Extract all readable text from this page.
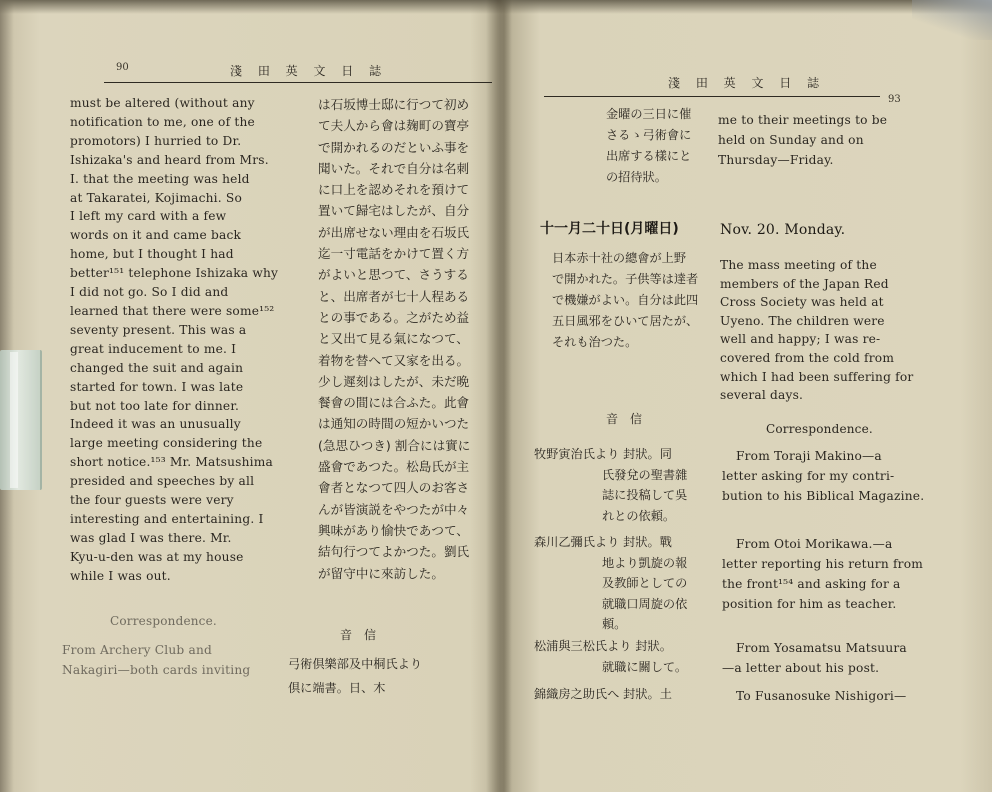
90	淺 田 英 文 日 誌
must be altered (without any
notification to me, one of the
promotors) I hurried to Dr.
Ishizaka's and heard from Mrs.
I. that the meeting was held
at Takaratei, Kojimachi. So
I left my card with a few
words on it and came back
home, but I thought I had
better¹⁵¹ telephone Ishizaka why
I did not go. So I did and
learned that there were some¹⁵²
seventy present. This was a
great inducement to me. I
changed the suit and again
started for town. I was late
but not too late for dinner.
Indeed it was an unusually
large meeting considering the
short notice.¹⁵³ Mr. Matsushima
presided and speeches by all
the four guests were very
interesting and entertaining. I
was glad I was there. Mr.
Kyu-u-den was at my house
while I was out.
は石坂博士邸に行つて初め
て夫人から會は麹町の寶亭
で開かれるのだといふ事を
聞いた。それで自分は名刺
に口上を認めそれを預けて
置いて歸宅はしたが、自分
が出席せない理由を石坂氏
迄一寸電話をかけて置く方
がよいと思つて、さうする
と、出席者が七十人程ある
との事である。之がため益
と又出て見る氣になつて、
着物を替へて又家を出る。
少し遲刻はしたが、未だ晩
餐會の間には合ふた。此會
は通知の時間の短かいつた
(急思ひつき) 割合には實に
盛會であつた。松島氏が主
會者となつて四人のお客さ
んが皆演説をやつたが中々
興味があり愉快であつて、
結句行つてよかつた。劉氏
が留守中に來訪した。
Correspondence.
From Archery Club and
Nakagiri—both cards inviting
音　信
弓術倶樂部及中桐氏より
倶に端書。日、木
淺 田 英 文 日 誌
93
金曜の三日に催
さるゝ弓術會に
出席する樣にと
の招待狀。
me to their meetings to be
held on Sunday and on
Thursday—Friday.
十一月二十日(月曜日)	Nov. 20. Monday.
日本赤十社の總會が上野
で開かれた。子供等は達者
で機嫌がよい。自分は此四
五日風邪をひいて居たが、
それも治つた。
The mass meeting of the
members of the Japan Red
Cross Society was held at
Uyeno. The children were
well and happy; I was re-
covered from the cold from
which I had been suffering for
several days.
音　信
Correspondence.
牧野寅治氏より 封狀。同
氏發兌の聖書雜
誌に投稿して吳
れとの依頼。
From Toraji Makino—a
letter asking for my contri-
bution to his Biblical Magazine.
森川乙彌氏より 封狀。戰
地より凱旋の報
及教師としての
就職口周旋の依
頼。
From Otoi Morikawa.—a
letter reporting his return from
the front¹⁵⁴ and asking for a
position for him as teacher.
松浦與三松氏より 封狀。
就職に關して。
From Yosamatsu Matsuura
—a letter about his post.
錦織房之助氏へ 封狀。土	To Fusanosuke Nishigori—
